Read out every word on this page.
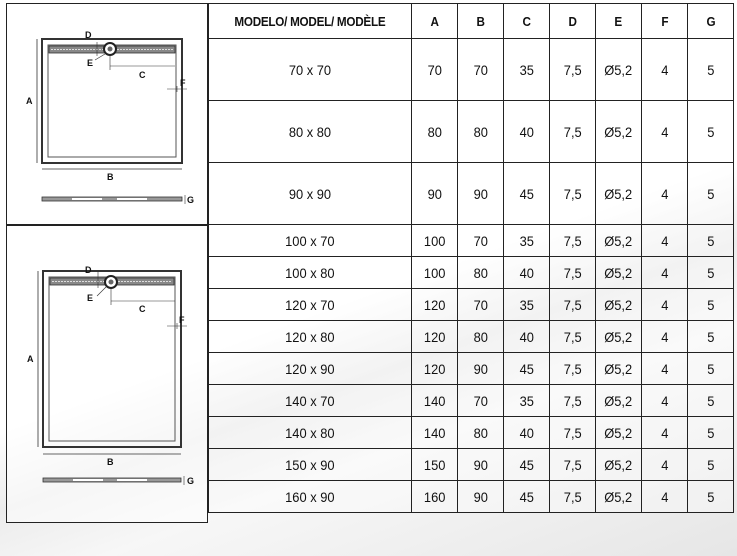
A
B
D
E
C
F
G
A
B
D
E
C
F
G
MODELO/ MODEL/ MODÈLE	A	B	C	D	E	F	G
70 x 70	70	70	35	7,5	Ø5,2	4	5
80 x 80	80	80	40	7,5	Ø5,2	4	5
90 x 90	90	90	45	7,5	Ø5,2	4	5
100 x 70	100	70	35	7,5	Ø5,2	4	5
100 x 80	100	80	40	7,5	Ø5,2	4	5
120 x 70	120	70	35	7,5	Ø5,2	4	5
120 x 80	120	80	40	7,5	Ø5,2	4	5
120 x 90	120	90	45	7,5	Ø5,2	4	5
140 x 70	140	70	35	7,5	Ø5,2	4	5
140 x 80	140	80	40	7,5	Ø5,2	4	5
150 x 90	150	90	45	7,5	Ø5,2	4	5
160 x 90	160	90	45	7,5	Ø5,2	4	5
